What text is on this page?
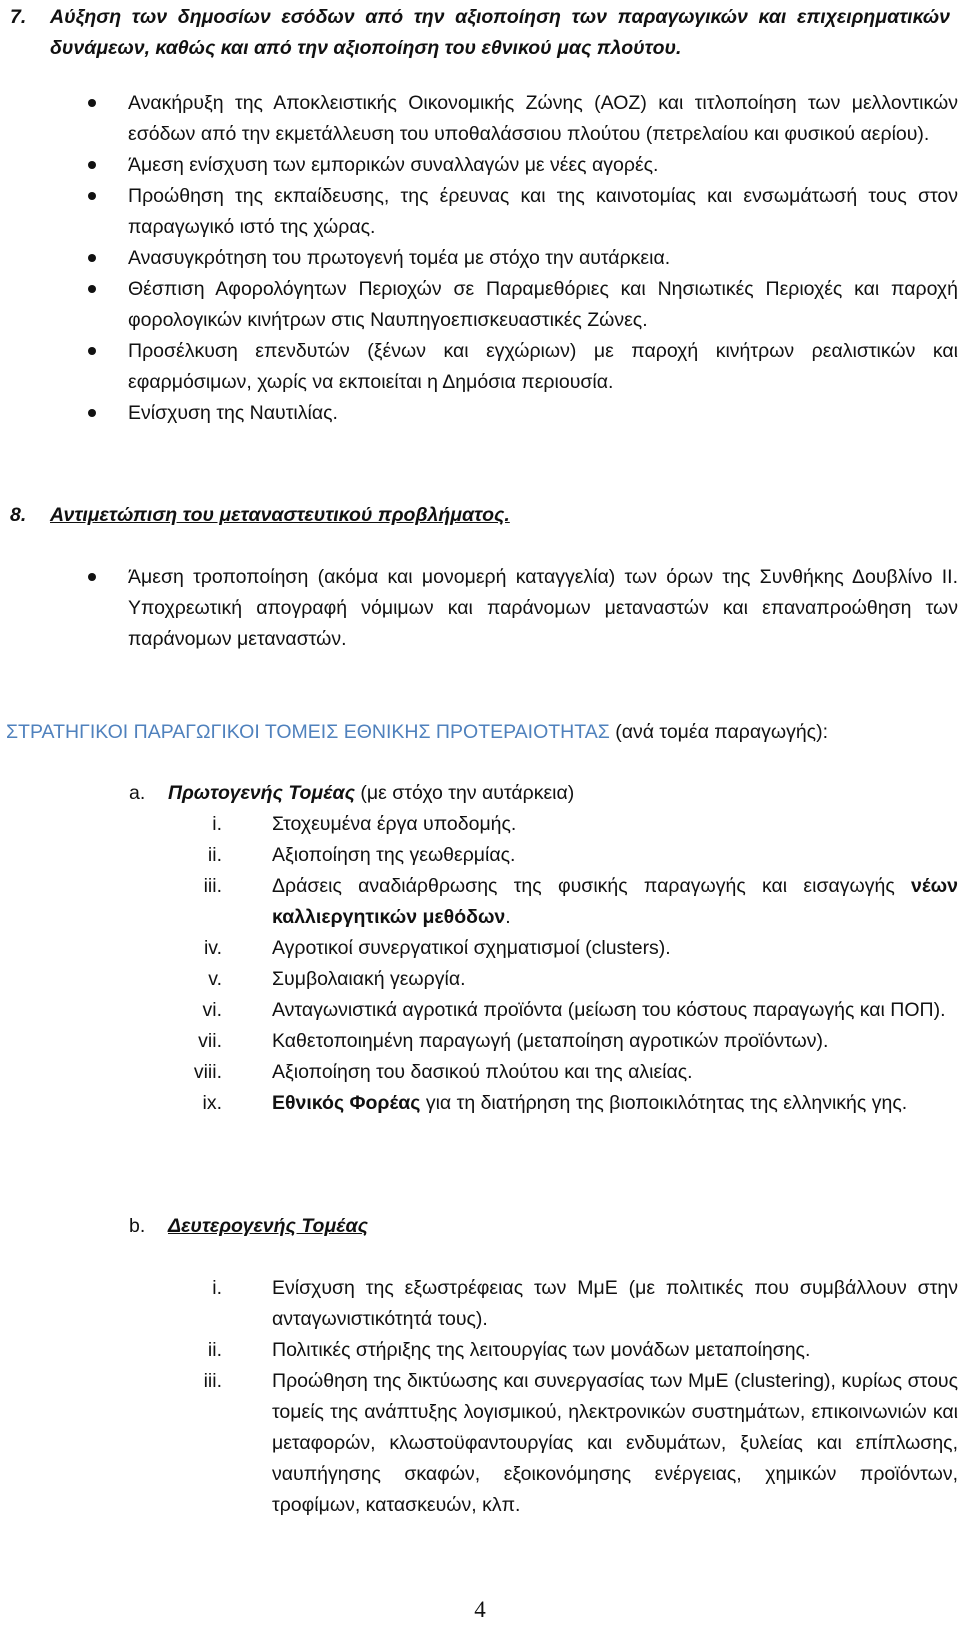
7.	Αύξηση των δημοσίων εσόδων από την αξιοποίηση των παραγωγικών και επιχειρηματικών δυνάμεων, καθώς και από την αξιοποίηση του εθνικού μας πλούτου.
Ανακήρυξη της Αποκλειστικής Οικονομικής Ζώνης (ΑΟΖ) και τιτλοποίηση των μελλοντικών εσόδων από την εκμετάλλευση του υποθαλάσσιου πλούτου (πετρελαίου και φυσικού αερίου).
Άμεση ενίσχυση των εμπορικών συναλλαγών με νέες αγορές.
Προώθηση της εκπαίδευσης, της έρευνας και της καινοτομίας και ενσωμάτωσή τους στον παραγωγικό ιστό της χώρας.
Ανασυγκρότηση του πρωτογενή τομέα με στόχο την αυτάρκεια.
Θέσπιση Αφορολόγητων Περιοχών σε Παραμεθόριες και Νησιωτικές Περιοχές και παροχή φορολογικών κινήτρων στις Ναυπηγοεπισκευαστικές Ζώνες.
Προσέλκυση επενδυτών (ξένων και εγχώριων) με παροχή κινήτρων ρεαλιστικών και εφαρμόσιμων, χωρίς να εκποιείται η Δημόσια περιουσία.
Ενίσχυση της Ναυτιλίας.
8.	Αντιμετώπιση του μεταναστευτικού προβλήματος.
Άμεση τροποποίηση (ακόμα και μονομερή καταγγελία) των όρων της Συνθήκης Δουβλίνο ΙΙ. Υποχρεωτική απογραφή νόμιμων και παράνομων μεταναστών και επαναπροώθηση των παράνομων μεταναστών.
ΣΤΡΑΤΗΓΙΚΟΙ ΠΑΡΑΓΩΓΙΚΟΙ ΤΟΜΕΙΣ ΕΘΝΙΚΗΣ ΠΡΟΤΕΡΑΙΟΤΗΤΑΣ (ανά τομέα παραγωγής):
a.	Πρωτογενής Τομέας (με στόχο την αυτάρκεια)
i.	Στοχευμένα έργα υποδομής.
ii.	Αξιοποίηση της γεωθερμίας.
iii.	Δράσεις αναδιάρθρωσης της φυσικής παραγωγής και εισαγωγής νέων καλλιεργητικών μεθόδων.
iv.	Αγροτικοί συνεργατικοί σχηματισμοί (clusters).
v.	Συμβολαιακή γεωργία.
vi.	Ανταγωνιστικά αγροτικά προϊόντα (μείωση του κόστους παραγωγής και ΠΟΠ).
vii.	Καθετοποιημένη παραγωγή (μεταποίηση αγροτικών προϊόντων).
viii.	Αξιοποίηση του δασικού πλούτου και της αλιείας.
ix.	Εθνικός Φορέας για τη διατήρηση της βιοποικιλότητας της ελληνικής γης.
b.	Δευτερογενής Τομέας
i.	Ενίσχυση της εξωστρέφειας των ΜμΕ (με πολιτικές που συμβάλλουν στην ανταγωνιστικότητά τους).
ii.	Πολιτικές στήριξης της λειτουργίας των μονάδων μεταποίησης.
iii.	Προώθηση της δικτύωσης και συνεργασίας των ΜμΕ (clustering), κυρίως στους τομείς της ανάπτυξης λογισμικού, ηλεκτρονικών συστημάτων, επικοινωνιών και μεταφορών, κλωστοϋφαντουργίας και ενδυμάτων, ξυλείας και επίπλωσης, ναυπήγησης σκαφών, εξοικονόμησης ενέργειας, χημικών προϊόντων, τροφίμων, κατασκευών, κλπ.
4
